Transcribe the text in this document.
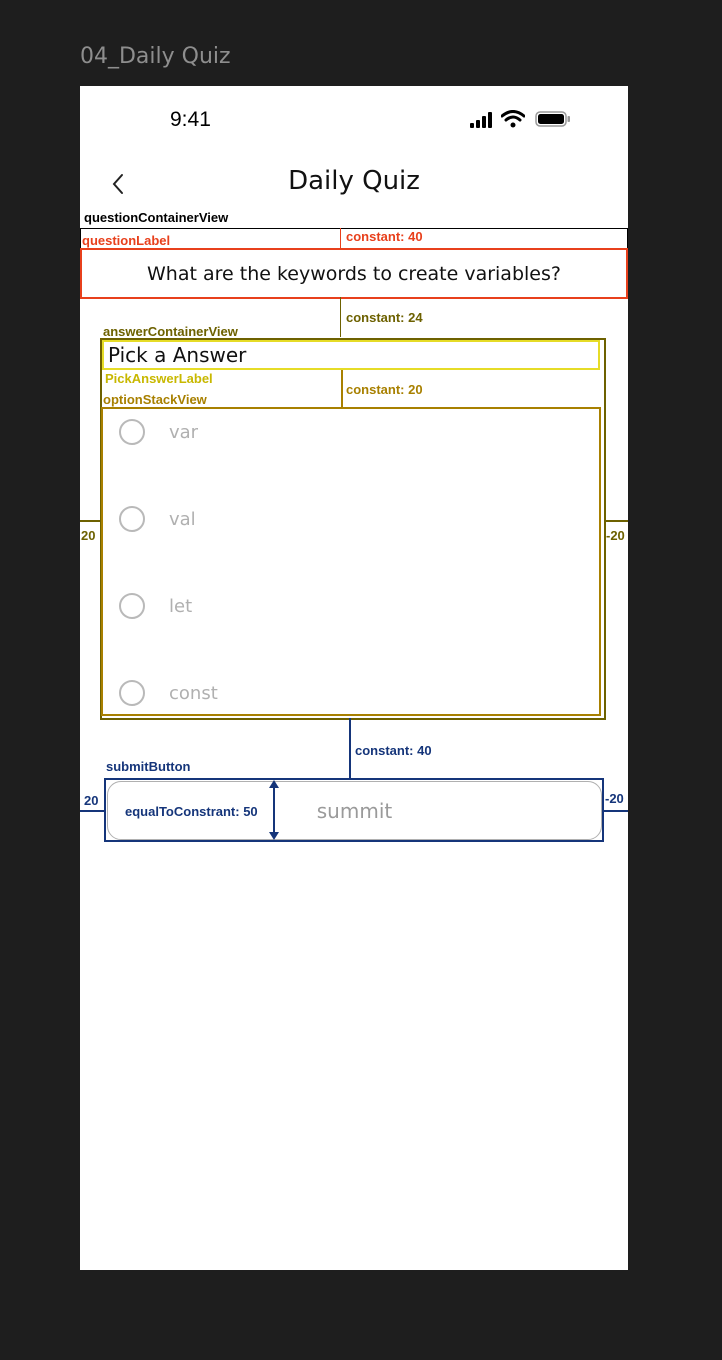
04_Daily Quiz
9:41
Daily Quiz
questionContainerView
questionLabel	constant: 40
What are the keywords to create variables?
constant: 24
answerContainerView
Pick a Answer
PickAnswerLabel
optionStackView
constant: 20
20	-20
var
val
let
const
constant: 40
submitButton
summit
equalToConstrant: 50
20	-20
